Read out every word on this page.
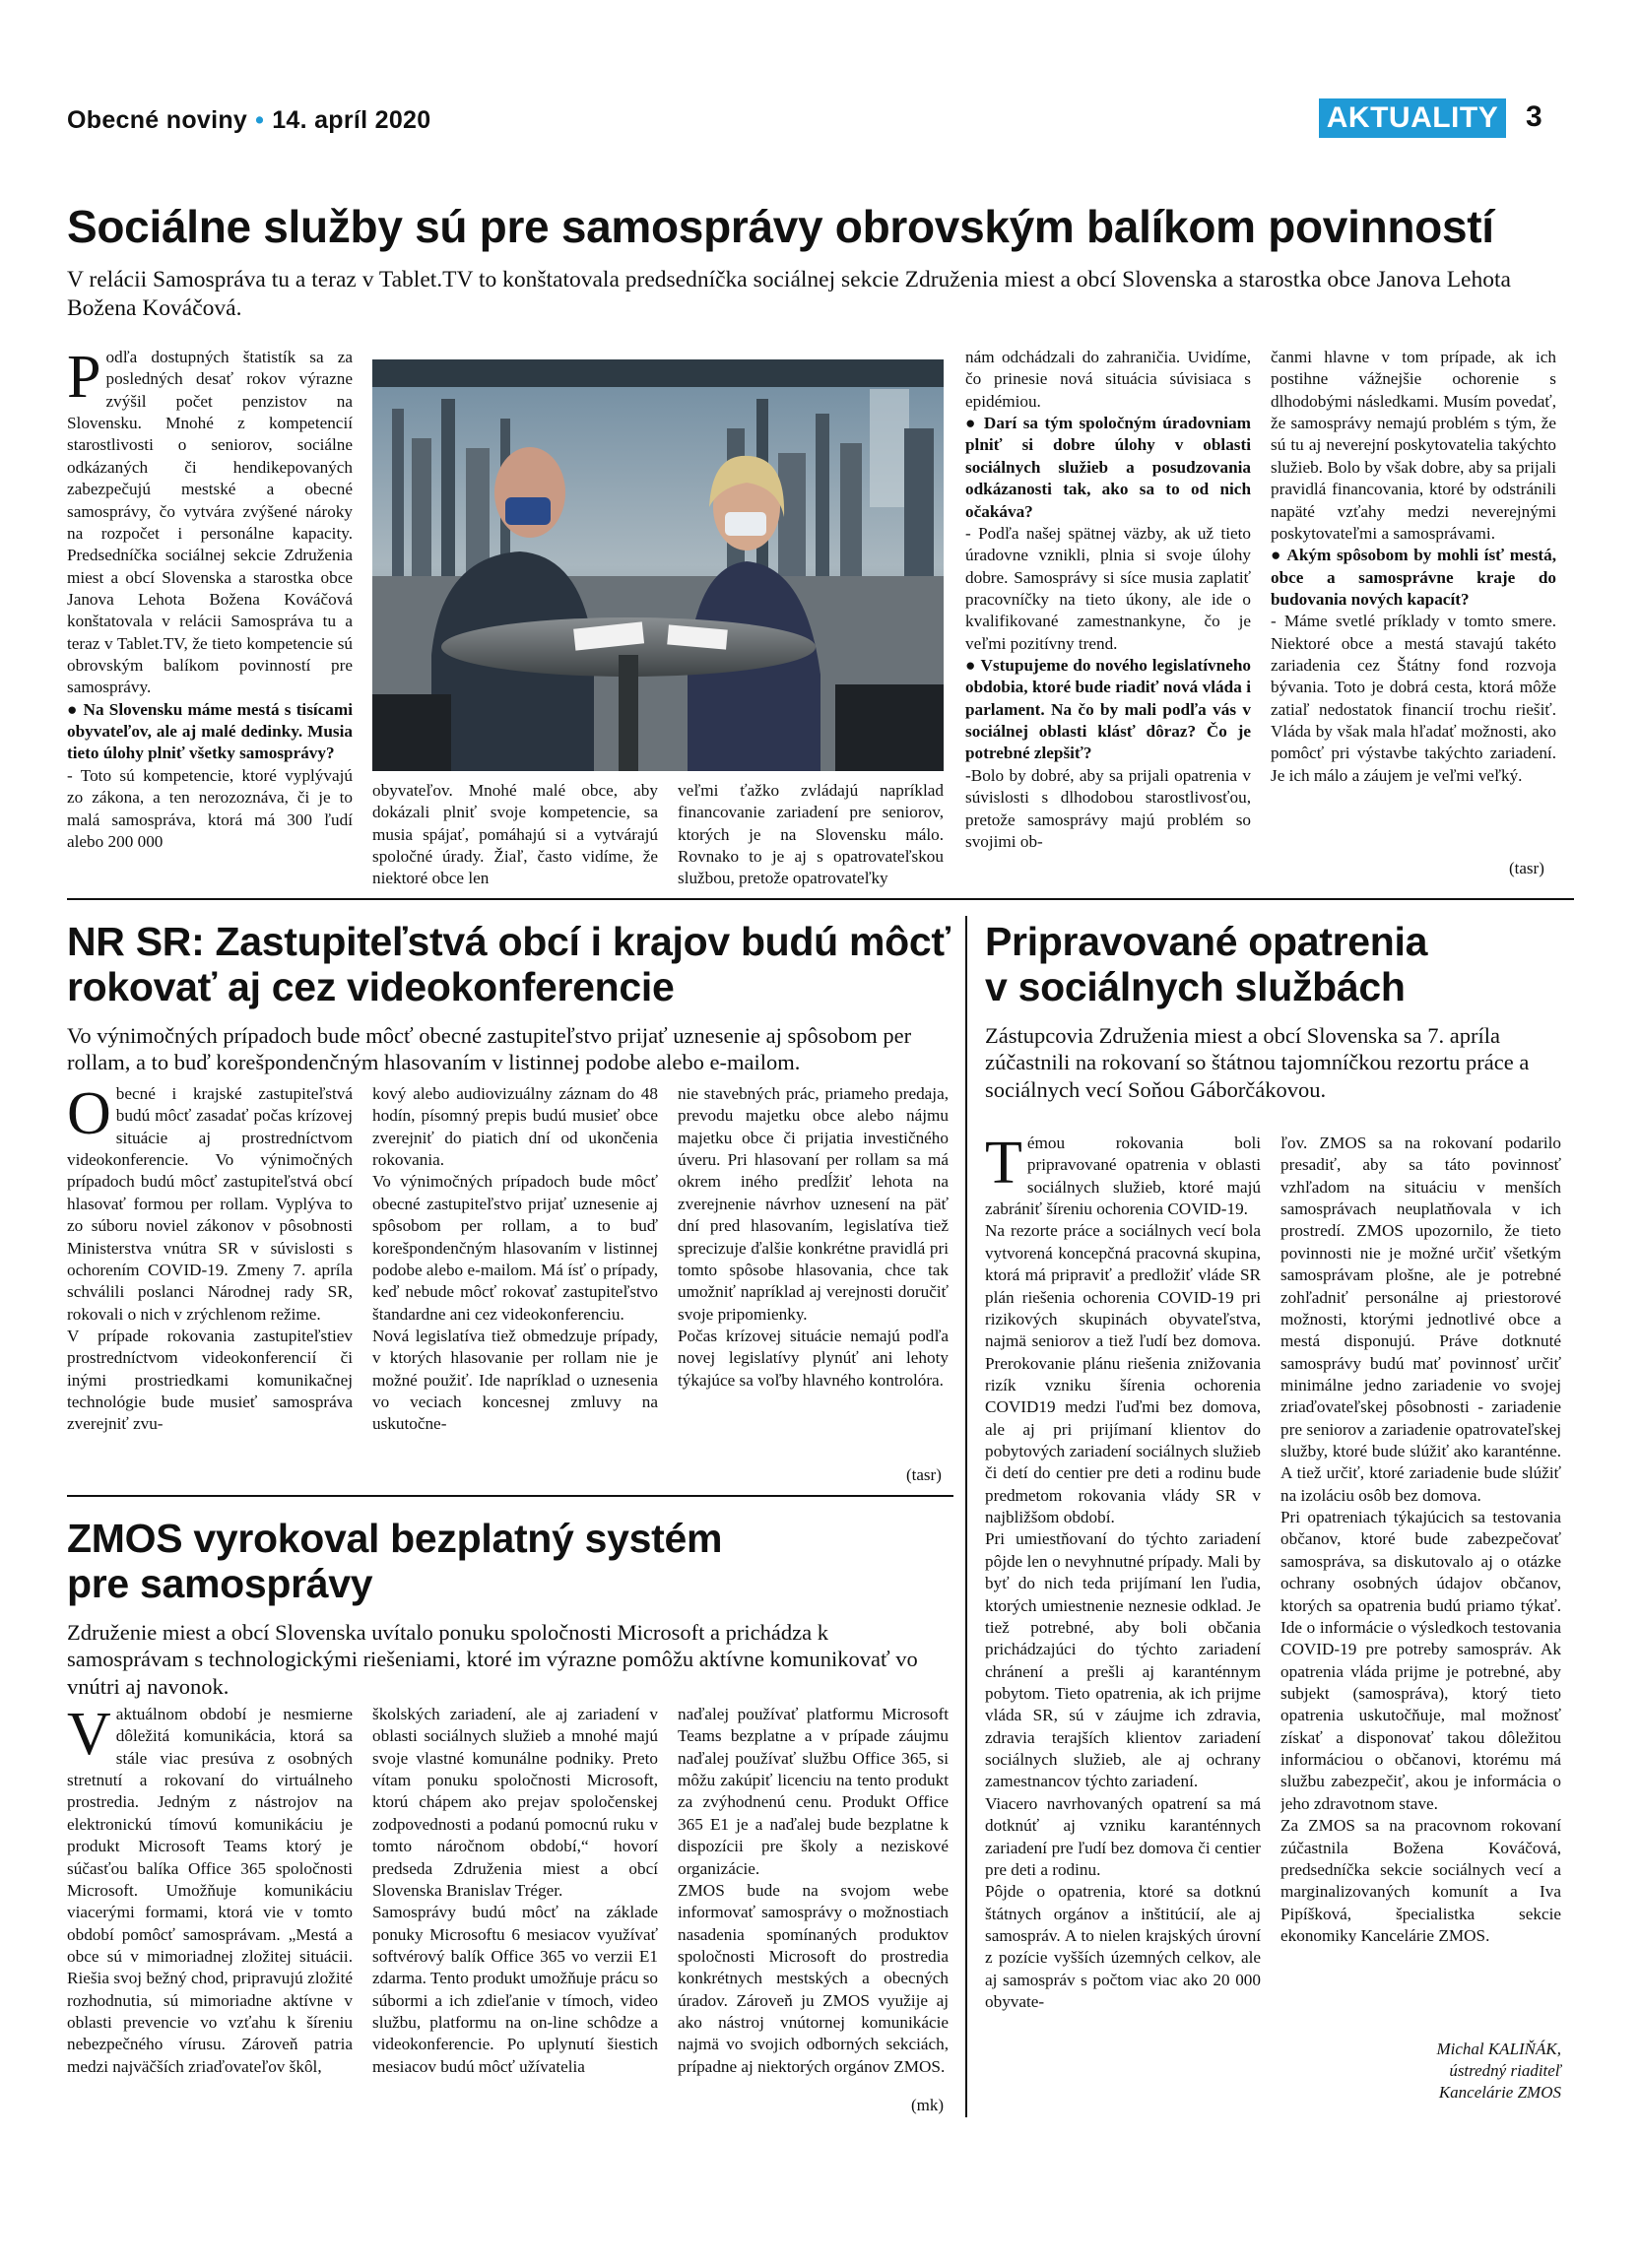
Obecné noviny • 14. apríl 2020	AKTUALITY 3
Sociálne služby sú pre samosprávy obrovským balíkom povinností
V relácii Samospráva tu a teraz v Tablet.TV to konštatovala predsedníčka sociálnej sekcie Združenia miest a obcí Slovenska a starostka obce Janova Lehota Božena Kováčová.
P odľa dostupných štatistík sa za posledných desať rokov výrazne zvýšil počet penzistov na Slovensku. Mnohé z kompetencií starostlivosti o seniorov, sociálne odkázaných či hendikepovaných zabezpečujú mestské a obecné samosprávy, čo vytvára zvýšené nároky na rozpočet i personálne kapacity. Predsedníčka sociálnej sekcie Združenia miest a obcí Slovenska a starostka obce Janova Lehota Božena Kováčová konštatovala v relácii Samospráva tu a teraz v Tablet.TV, že tieto kompetencie sú obrovským balíkom povinností pre samosprávy.

● Na Slovensku máme mestá s tisícami obyvateľov, ale aj malé dedinky. Musia tieto úlohy plniť všetky samosprávy?

- Toto sú kompetencie, ktoré vyplývajú zo zákona, a ten nerozoznáva, či je to malá samospráva, ktorá má 300 ľudí alebo 200 000

obyvateľov. Mnohé malé obce, aby dokázali plniť svoje kompetencie, sa musia spájať, pomáhajú si a vytvárajú spoločné úrady. Žiaľ, často vidíme, že niektoré obce len

veľmi ťažko zvládajú napríklad financovanie zariadení pre seniorov, ktorých je na Slovensku málo. Rovnako to je aj s opatrovateľskou službou, pretože opatrovateľky

nám odchádzali do zahraničia. Uvidíme, čo prinesie nová situácia súvisiaca s epidémiou.

● Darí sa tým spoločným úradovniam plniť si dobre úlohy v oblasti sociálnych služieb a posudzovania odkázanosti tak, ako sa to od nich očakáva?

- Podľa našej spätnej väzby, ak už tieto úradovne vznikli, plnia si svoje úlohy dobre. Samosprávy si síce musia zaplatiť pracovníčky na tieto úkony, ale ide o kvalifikované zamestnankyne, čo je veľmi pozitívny trend.

● Vstupujeme do nového legislatívneho obdobia, ktoré bude riadiť nová vláda i parlament. Na čo by mali podľa vás v sociálnej oblasti klásť dôraz? Čo je potrebné zlepšiť?

-Bolo by dobré, aby sa prijali opatrenia v súvislosti s dlhodobou starostlivosťou, pretože samosprávy majú problém so svojimi ob-

čanmi hlavne v tom prípade, ak ich postihne vážnejšie ochorenie s dlhodobými následkami. Musím povedať, že samosprávy nemajú problém s tým, že sú tu aj neverejní poskytovatelia takýchto služieb. Bolo by však dobre, aby sa prijali pravidlá financovania, ktoré by odstránili napäté vzťahy medzi neverejnými poskytovateľmi a samosprávami.

● Akým spôsobom by mohli ísť mestá, obce a samosprávne kraje do budovania nových kapacít?

- Máme svetlé príklady v tomto smere. Niektoré obce a mestá stavajú takéto zariadenia cez Štátny fond rozvoja bývania. Toto je dobrá cesta, ktorá môže zatiaľ nedostatok financií trochu riešiť. Vláda by však mala hľadať možnosti, ako pomôcť pri výstavbe takýchto zariadení. Je ich málo a záujem je veľmi veľký.

(tasr)
NR SR: Zastupiteľstvá obcí i krajov budú môcť
rokovať aj cez videokonferencie
Vo výnimočných prípadoch bude môcť obecné zastupiteľstvo prijať uznesenie aj spôsobom per rollam, a to buď korešpondenčným hlasovaním v listinnej podobe alebo e-mailom.
O becné i krajské zastupiteľstvá budú môcť zasadať počas krízovej situácie aj prostredníctvom videokonferencie. Vo výnimočných prípadoch budú môcť zastupiteľstvá obcí hlasovať formou per rollam. Vyplýva to zo súboru noviel zákonov v pôsobnosti Ministerstva vnútra SR v súvislosti s ochorením COVID-19. Zmeny 7. apríla schválili poslanci Národnej rady SR, rokovali o nich v zrýchlenom režime.

V prípade rokovania zastupiteľstiev prostredníctvom videokonferencií či inými prostriedkami komunikačnej technológie bude musieť samospráva zverejniť zvu-

kový alebo audiovizuálny záznam do 48 hodín, písomný prepis budú musieť obce zverejniť do piatich dní od ukončenia rokovania.

Vo výnimočných prípadoch bude môcť obecné zastupiteľstvo prijať uznesenie aj spôsobom per rollam, a to buď korešpondenčným hlasovaním v listinnej podobe alebo e-mailom. Má ísť o prípady, keď nebude môcť rokovať zastupiteľstvo štandardne ani cez videokonferenciu.

Nová legislatíva tiež obmedzuje prípady, v ktorých hlasovanie per rollam nie je možné použiť. Ide napríklad o uznesenia vo veciach koncesnej zmluvy na uskutočne-

nie stavebných prác, priameho predaja, prevodu majetku obce alebo nájmu majetku obce či prijatia investičného úveru. Pri hlasovaní per rollam sa má okrem iného predĺžiť lehota na zverejnenie návrhov uznesení na päť dní pred hlasovaním, legislatíva tiež sprecizuje ďalšie konkrétne pravidlá pri tomto spôsobe hlasovania, chce tak umožniť napríklad aj verejnosti doručiť svoje pripomienky.

Počas krízovej situácie nemajú podľa novej legislatívy plynúť ani lehoty týkajúce sa voľby hlavného kontrolóra.

(tasr)
ZMOS vyrokoval bezplatný systém
pre samosprávy
Združenie miest a obcí Slovenska uvítalo ponuku spoločnosti Microsoft a prichádza k samosprávam s technologickými riešeniami, ktoré im výrazne pomôžu aktívne komunikovať vo vnútri aj navonok.
V aktuálnom období je nesmierne dôležitá komunikácia, ktorá sa stále viac presúva z osobných stretnutí a rokovaní do virtuálneho prostredia. Jedným z nástrojov na elektronickú tímovú komunikáciu je produkt Microsoft Teams ktorý je súčasťou balíka Office 365 spoločnosti Microsoft. Umožňuje komunikáciu viacerými formami, ktorá vie v tomto období pomôcť samosprávam. „Mestá a obce sú v mimoriadnej zložitej situácii. Riešia svoj bežný chod, pripravujú zložité rozhodnutia, sú mimoriadne aktívne v oblasti prevencie vo vzťahu k šíreniu nebezpečného vírusu. Zároveň patria medzi najväčších zriaďovateľov škôl,

školských zariadení, ale aj zariadení v oblasti sociálnych služieb a mnohé majú svoje vlastné komunálne podniky. Preto vítam ponuku spoločnosti Microsoft, ktorú chápem ako prejav spoločenskej zodpovednosti a podanú pomocnú ruku v tomto náročnom období,“ hovorí predseda Združenia miest a obcí Slovenska Branislav Tréger.

Samosprávy budú môcť na základe ponuky Microsoftu 6 mesiacov využívať softvérový balík Office 365 vo verzii E1 zdarma. Tento produkt umožňuje prácu so súbormi a ich zdieľanie v tímoch, video službu, platformu na on-line schôdze a videokonferencie. Po uplynutí šiestich mesiacov budú môcť užívatelia

naďalej používať platformu Microsoft Teams bezplatne a v prípade záujmu naďalej používať službu Office 365, si môžu zakúpiť licenciu na tento produkt za zvýhodnenú cenu. Produkt Office 365 E1 je a naďalej bude bezplatne k dispozícii pre školy a neziskové organizácie.

ZMOS bude na svojom webe informovať samosprávy o možnostiach nasadenia spomínaných produktov spoločnosti Microsoft do prostredia konkrétnych mestských a obecných úradov. Zároveň ju ZMOS využije aj ako nástroj vnútornej komunikácie najmä vo svojich odborných sekciách, prípadne aj niektorých orgánov ZMOS.

(mk)
Pripravované opatrenia
v sociálnych službách
Zástupcovia Združenia miest a obcí Slovenska sa 7. apríla zúčastnili na rokovaní so štátnou tajomníčkou rezortu práce a sociálnych vecí Soňou Gáborčákovou.
T émou rokovania boli pripravované opatrenia v oblasti sociálnych služieb, ktoré majú zabrániť šíreniu ochorenia COVID-19.

Na rezorte práce a sociálnych vecí bola vytvorená koncepčná pracovná skupina, ktorá má pripraviť a predložiť vláde SR plán riešenia ochorenia COVID-19 pri rizikových skupinách obyvateľstva, najmä seniorov a tiež ľudí bez domova. Prerokovanie plánu riešenia znižovania rizík vzniku šírenia ochorenia COVID19 medzi ľuďmi bez domova, ale aj pri prijímaní klientov do pobytových zariadení sociálnych služieb či detí do centier pre deti a rodinu bude predmetom rokovania vlády SR v najbližšom období.

Pri umiestňovaní do týchto zariadení pôjde len o nevyhnutné prípady. Mali by byť do nich teda prijímaní len ľudia, ktorých umiestnenie neznesie odklad. Je tiež potrebné, aby boli občania prichádzajúci do týchto zariadení chránení a prešli aj karanténnym pobytom. Tieto opatrenia, ak ich prijme vláda SR, sú v záujme ich zdravia, zdravia terajších klientov zariadení sociálnych služieb, ale aj ochrany zamestnancov týchto zariadení.

Viacero navrhovaných opatrení sa má dotknúť aj vzniku karanténnych zariadení pre ľudí bez domova či centier pre deti a rodinu.

Pôjde o opatrenia, ktoré sa dotknú štátnych orgánov a inštitúcií, ale aj samospráv. A to nielen krajských úrovní z pozície vyšších územných celkov, ale aj samospráv s počtom viac ako 20 000 obyvate-

ľov. ZMOS sa na rokovaní podarilo presadiť, aby sa táto povinnosť vzhľadom na situáciu v menších samosprávach neuplatňovala v ich prostredí. ZMOS upozornilo, že tieto povinnosti nie je možné určiť všetkým samosprávam plošne, ale je potrebné zohľadniť personálne aj priestorové možnosti, ktorými jednotlivé obce a mestá disponujú. Práve dotknuté samosprávy budú mať povinnosť určiť minimálne jedno zariadenie vo svojej zriaďovateľskej pôsobnosti - zariadenie pre seniorov a zariadenie opatrovateľskej služby, ktoré bude slúžiť ako karanténne. A tiež určiť, ktoré zariadenie bude slúžiť na izoláciu osôb bez domova.

Pri opatreniach týkajúcich sa testovania občanov, ktoré bude zabezpečovať samospráva, sa diskutovalo aj o otázke ochrany osobných údajov občanov, ktorých sa opatrenia budú priamo týkať. Ide o informácie o výsledkoch testovania COVID-19 pre potreby samospráv. Ak opatrenia vláda prijme je potrebné, aby subjekt (samospráva), ktorý tieto opatrenia uskutočňuje, mal možnosť získať a disponovať takou dôležitou informáciou o občanovi, ktorému má službu zabezpečiť, akou je informácia o jeho zdravotnom stave.

Za ZMOS sa na pracovnom rokovaní zúčastnila Božena Kováčová, predsedníčka sekcie sociálnych vecí a marginalizovaných komunít a Iva Pipíšková, špecialistka sekcie ekonomiky Kancelárie ZMOS.

Michal KALIŇÁK,
ústredný riaditeľ
Kancelárie ZMOS
